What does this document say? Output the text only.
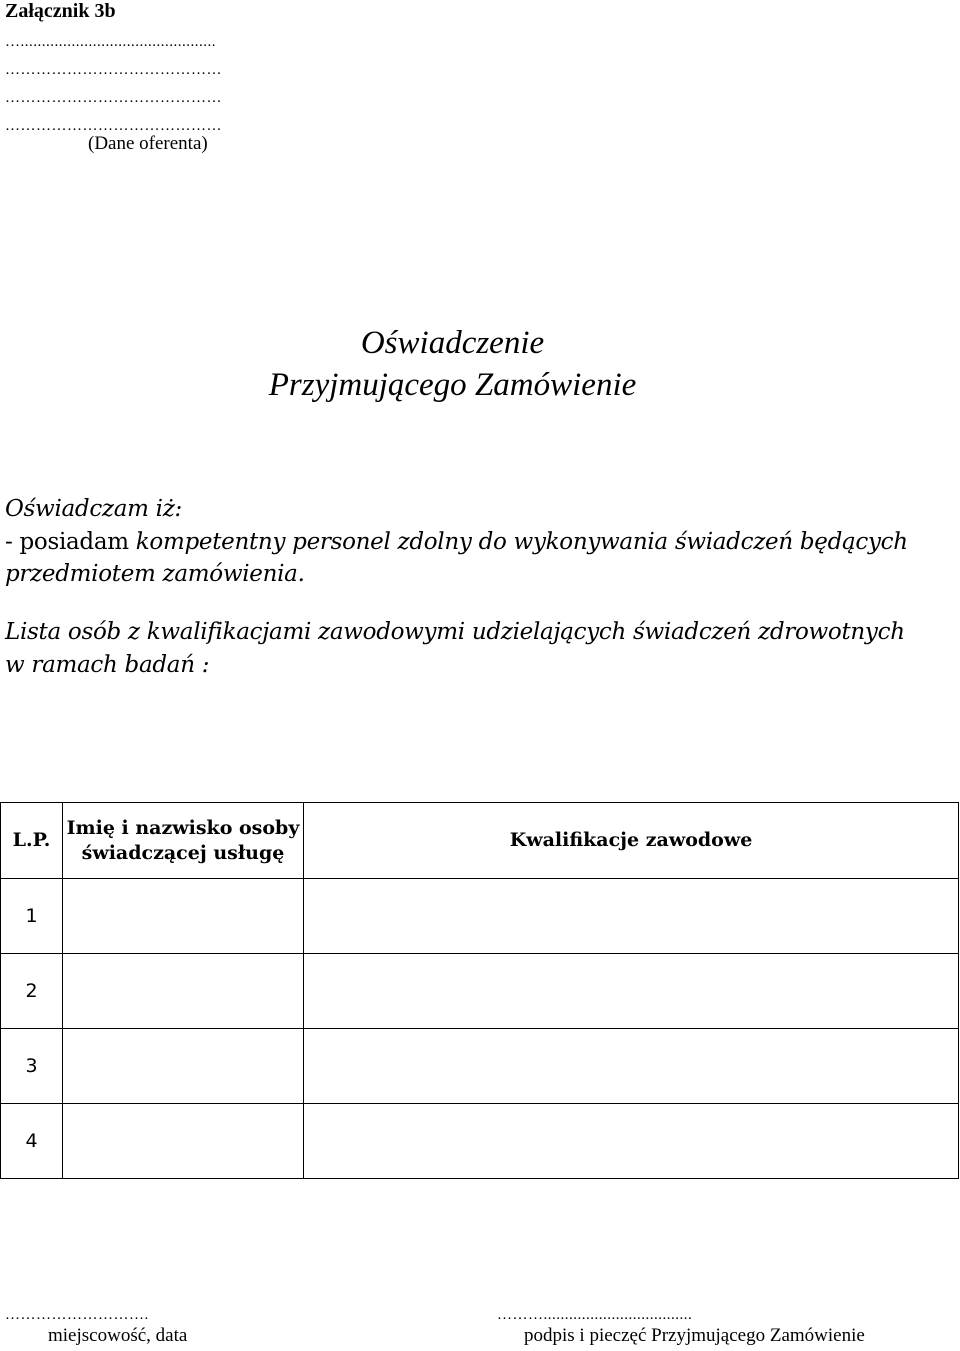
Załącznik 3b
…..............................................
……………………………………
……………………………………
……………………………………
(Dane oferenta)
Oświadczenie
Przyjmującego Zamówienie
Oświadczam iż:
- posiadam kompetentny personel zdolny do wykonywania świadczeń będących
przedmiotem zamówienia.
Lista osób z kwalifikacjami zawodowymi udzielających świadczeń zdrowotnych
w ramach badań :
L.P.	Imię i nazwisko osoby świadczącej usługę	Kwalifikacje zawodowe
1		
2		
3		
4		
……………………….	………...................................
miejscowość, data	podpis i pieczęć Przyjmującego Zamówienie
